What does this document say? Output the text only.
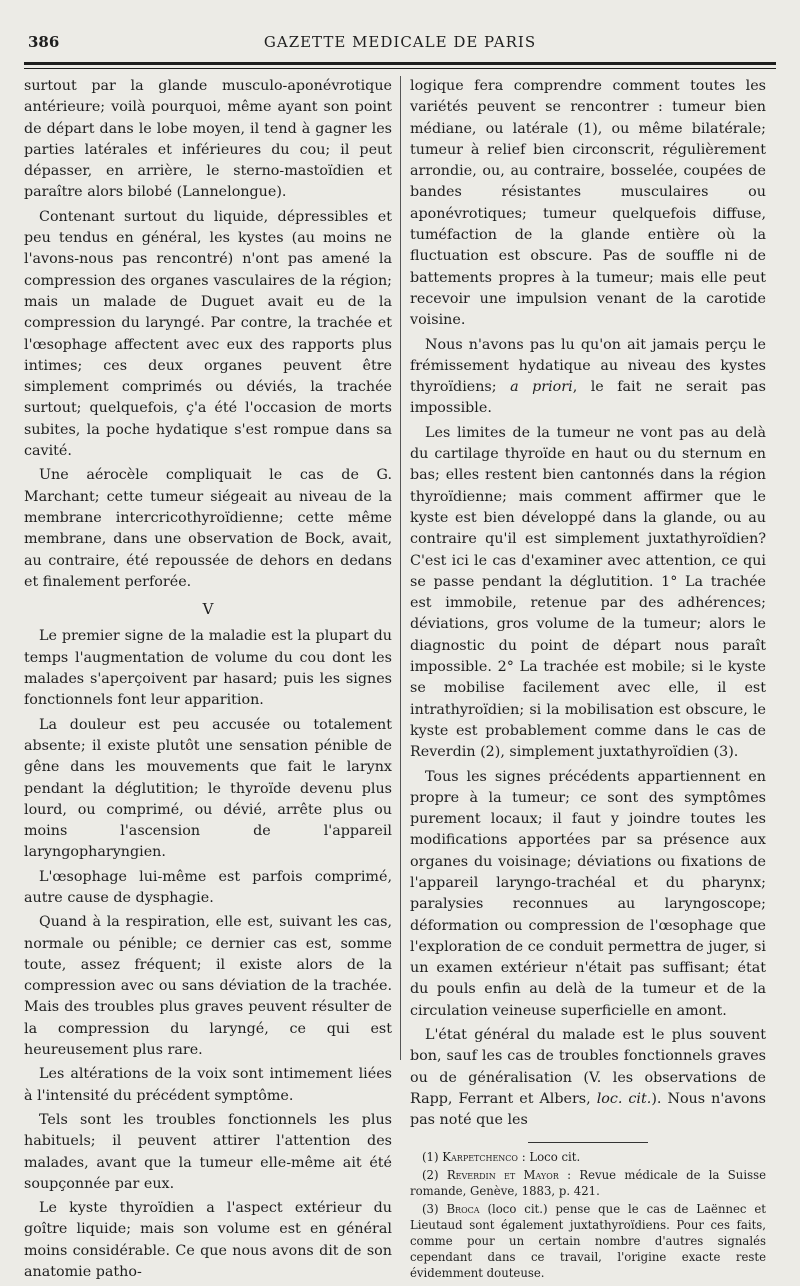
386	GAZETTE MEDICALE DE PARIS

surtout par la glande musculo-aponévrotique antérieure; voilà pourquoi, même ayant son point de départ dans le lobe moyen, il tend à gagner les parties latérales et inférieures du cou; il peut dépasser, en arrière, le sterno-mastoïdien et paraître alors bilobé (Lannelongue).

Contenant surtout du liquide, dépressibles et peu tendus en général, les kystes (au moins ne l'avons-nous pas rencontré) n'ont pas amené la compression des organes vasculaires de la région; mais un malade de Duguet avait eu de la compression du laryngé. Par contre, la trachée et l'œsophage affectent avec eux des rapports plus intimes; ces deux organes peuvent être simplement comprimés ou déviés, la trachée surtout; quelquefois, ç'a été l'occasion de morts subites, la poche hydatique s'est rompue dans sa cavité.

Une aérocèle compliquait le cas de G. Marchant; cette tumeur siégeait au niveau de la membrane intercricothyroïdienne; cette même membrane, dans une observation de Bock, avait, au contraire, été repoussée de dehors en dedans et finalement perforée.

V

Le premier signe de la maladie est la plupart du temps l'augmentation de volume du cou dont les malades s'aperçoivent par hasard; puis les signes fonctionnels font leur apparition.

La douleur est peu accusée ou totalement absente; il existe plutôt une sensation pénible de gêne dans les mouvements que fait le larynx pendant la déglutition; le thyroïde devenu plus lourd, ou comprimé, ou dévié, arrête plus ou moins l'ascension de l'appareil laryngopharyngien.

L'œsophage lui-même est parfois comprimé, autre cause de dysphagie.

Quand à la respiration, elle est, suivant les cas, normale ou pénible; ce dernier cas est, somme toute, assez fréquent; il existe alors de la compression avec ou sans déviation de la trachée. Mais des troubles plus graves peuvent résulter de la compression du laryngé, ce qui est heureusement plus rare.

Les altérations de la voix sont intimement liées à l'intensité du précédent symptôme.

Tels sont les troubles fonctionnels les plus habituels; il peuvent attirer l'attention des malades, avant que la tumeur elle-même ait été soupçonnée par eux.

Le kyste thyroïdien a l'aspect extérieur du goître liquide; mais son volume est en général moins considérable. Ce que nous avons dit de son anatomie patho-

logique fera comprendre comment toutes les variétés peuvent se rencontrer : tumeur bien médiane, ou latérale (1), ou même bilatérale; tumeur à relief bien circonscrit, régulièrement arrondie, ou, au contraire, bosselée, coupées de bandes résistantes musculaires ou aponévrotiques; tumeur quelquefois diffuse, tuméfaction de la glande entière où la fluctuation est obscure. Pas de souffle ni de battements propres à la tumeur; mais elle peut recevoir une impulsion venant de la carotide voisine.

Nous n'avons pas lu qu'on ait jamais perçu le frémissement hydatique au niveau des kystes thyroïdiens; a priori, le fait ne serait pas impossible.

Les limites de la tumeur ne vont pas au delà du cartilage thyroïde en haut ou du sternum en bas; elles restent bien cantonnés dans la région thyroïdienne; mais comment affirmer que le kyste est bien développé dans la glande, ou au contraire qu'il est simplement juxtathyroïdien? C'est ici le cas d'examiner avec attention, ce qui se passe pendant la déglutition. 1° La trachée est immobile, retenue par des adhérences; déviations, gros volume de la tumeur; alors le diagnostic du point de départ nous paraît impossible. 2° La trachée est mobile; si le kyste se mobilise facilement avec elle, il est intrathyroïdien; si la mobilisation est obscure, le kyste est probablement comme dans le cas de Reverdin (2), simplement juxtathyroïdien (3).

Tous les signes précédents appartiennent en propre à la tumeur; ce sont des symptômes purement locaux; il faut y joindre toutes les modifications apportées par sa présence aux organes du voisinage; déviations ou fixations de l'appareil laryngo-trachéal et du pharynx; paralysies reconnues au laryngoscope; déformation ou compression de l'œsophage que l'exploration de ce conduit permettra de juger, si un examen extérieur n'était pas suffisant; état du pouls enfin au delà de la tumeur et de la circulation veineuse superficielle en amont.

L'état général du malade est le plus souvent bon, sauf les cas de troubles fonctionnels graves ou de généralisation (V. les observations de Rapp, Ferrant et Albers, loc. cit.). Nous n'avons pas noté que les

(1) Karpetchenco : Loco cit.

(2) Reverdin et Mayor : Revue médicale de la Suisse romande, Genève, 1883, p. 421.

(3) Broca (loco cit.) pense que le cas de Laënnec et Lieutaud sont également juxtathyroïdiens. Pour ces faits, comme pour un certain nombre d'autres signalés cependant dans ce travail, l'origine exacte reste évidemment douteuse.
